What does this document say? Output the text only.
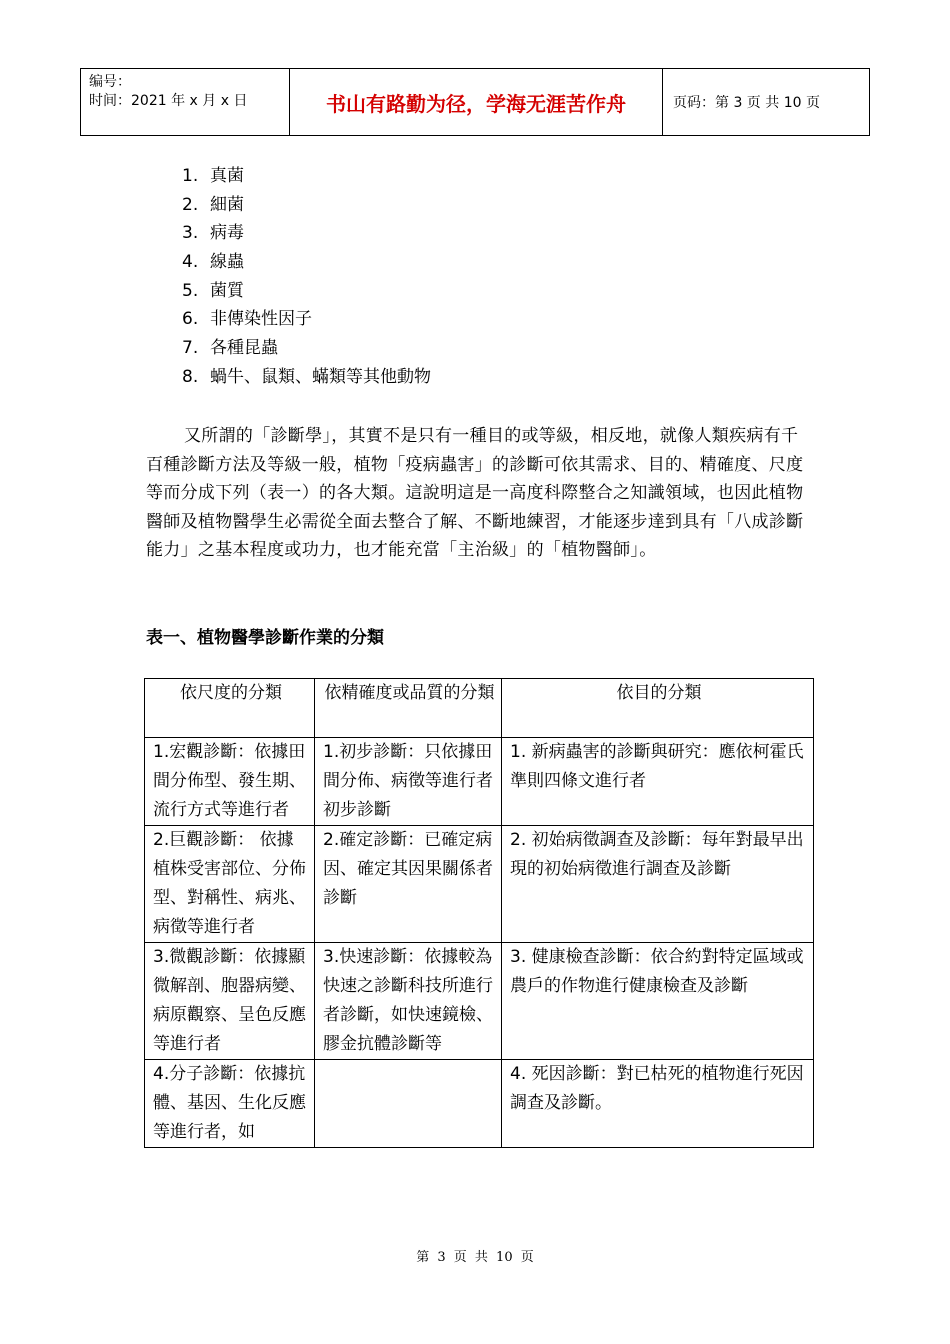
编号：
时间：2021 年 x 月 x 日	书山有路勤为径，学海无涯苦作舟	页码：第 3 页 共 10 页
1. 真菌
2. 細菌
3. 病毒
4. 線蟲
5. 菌質
6. 非傳染性因子
7. 各種昆蟲
8. 蝸牛、鼠類、蟎類等其他動物

又所謂的「診斷學」，其實不是只有一種目的或等級，相反地，就像人類疾病有千百種診斷方法及等級一般，植物「疫病蟲害」的診斷可依其需求、目的、精確度、尺度等而分成下列（表一）的各大類。這說明這是一高度科際整合之知識領域，也因此植物醫師及植物醫學生必需從全面去整合了解、不斷地練習，才能逐步達到具有「八成診斷能力」之基本程度或功力，也才能充當「主治級」的「植物醫師」。

表一、植物醫學診斷作業的分類

依尺度的分類	依精確度或品質的分類	依目的分類
1.宏觀診斷：依據田間分佈型、發生期、流行方式等進行者	1.初步診斷：只依據田間分佈、病徵等進行者初步診斷	1. 新病蟲害的診斷與研究：應依柯霍氏準則四條文進行者
2.巨觀診斷： 依據植株受害部位、分佈型、對稱性、病兆、病徵等進行者	2.確定診斷：已確定病因、確定其因果關係者診斷	2. 初始病徵調查及診斷：每年對最早出現的初始病徵進行調查及診斷
3.微觀診斷：依據顯微解剖、胞器病變、病原觀察、呈色反應等進行者	3.快速診斷：依據較為快速之診斷科技所進行者診斷，如快速鏡檢、膠金抗體診斷等	3. 健康檢查診斷：依合約對特定區域或農戶的作物進行健康檢查及診斷
4.分子診斷：依據抗體、基因、生化反應等進行者，如		4. 死因診斷：對已枯死的植物進行死因調查及診斷。
第 3 页 共 10 页
